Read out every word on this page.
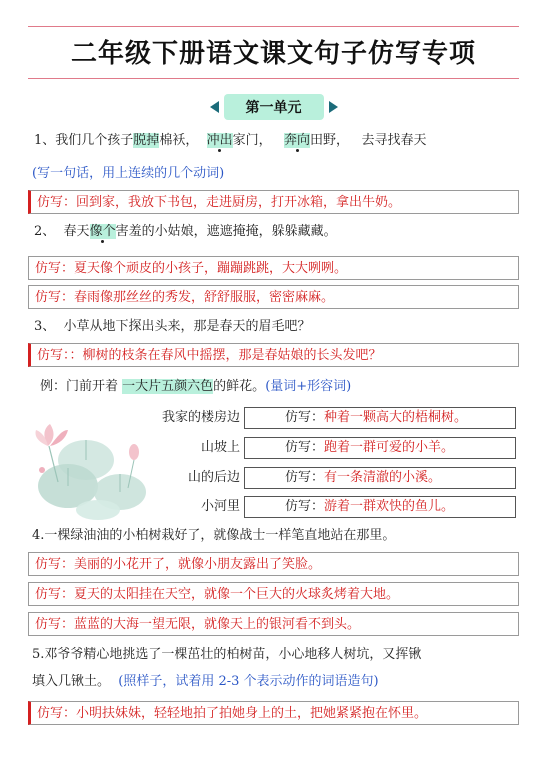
二年级下册语文课文句子仿写专项
第一单元
1、我们几个孩子脱掉棉袄， 冲出家门， 奔向田野， 去寻找春天
(写一句话，用上连续的几个动词)
仿写：回到家，我放下书包，走进厨房，打开冰箱，拿出牛奶。
2、 春天像个害羞的小姑娘，遮遮掩掩，躲躲藏藏。
仿写：夏天像个顽皮的小孩子，蹦蹦跳跳，大大咧咧。
仿写：春雨像那丝丝的秀发，舒舒服服，密密麻麻。
3、 小草从地下探出头来，那是春天的眉毛吧？
仿写：：柳树的枝条在春风中摇摆，那是春姑娘的长头发吧？
例：门前开着 一大片五颜六色的鲜花。(量词+形容词)
我家的楼房边	仿写：种着一颗高大的梧桐树。
山坡上	仿写：跑着一群可爱的小羊。
山的后边	仿写：有一条清澈的小溪。
小河里	仿写：游着一群欢快的鱼儿。
4.一棵绿油油的小柏树栽好了，就像战士一样笔直地站在那里。
仿写：美丽的小花开了，就像小朋友露出了笑脸。
仿写：夏天的太阳挂在天空，就像一个巨大的火球炙烤着大地。
仿写：蓝蓝的大海一望无限，就像天上的银河看不到头。
5.邓爷爷精心地挑选了一棵茁壮的柏树苗，小心地移人树坑，又挥锹
填入几锹土。 (照样子，试着用 2-3 个表示动作的词语造句)
仿写：小明扶妹妹，轻轻地拍了拍她身上的土，把她紧紧抱在怀里。
